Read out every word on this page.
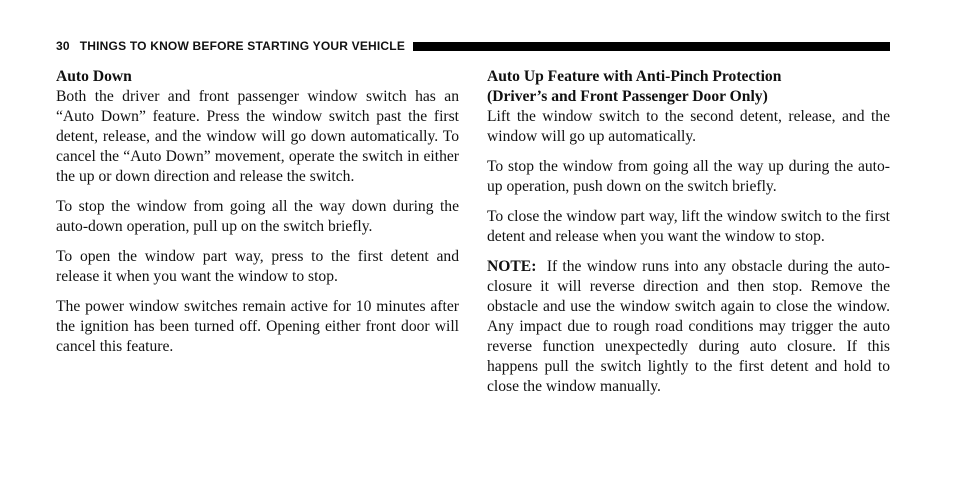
30 THINGS TO KNOW BEFORE STARTING YOUR VEHICLE
Auto Down

Both the driver and front passenger window switch has an “Auto Down” feature. Press the window switch past the first detent, release, and the window will go down automatically. To cancel the “Auto Down” movement, operate the switch in either the up or down direction and release the switch.

To stop the window from going all the way down during the auto-down operation, pull up on the switch briefly.

To open the window part way, press to the first detent and release it when you want the window to stop.

The power window switches remain active for 10 minutes after the ignition has been turned off. Opening either front door will cancel this feature.

Auto Up Feature with Anti-Pinch Protection
(Driver’s and Front Passenger Door Only)

Lift the window switch to the second detent, release, and the window will go up automatically.

To stop the window from going all the way up during the auto-up operation, push down on the switch briefly.

To close the window part way, lift the window switch to the first detent and release when you want the window to stop.

NOTE: If the window runs into any obstacle during the auto-closure it will reverse direction and then stop. Remove the obstacle and use the window switch again to close the window. Any impact due to rough road conditions may trigger the auto reverse function unexpectedly during auto closure. If this happens pull the switch lightly to the first detent and hold to close the window manually.
